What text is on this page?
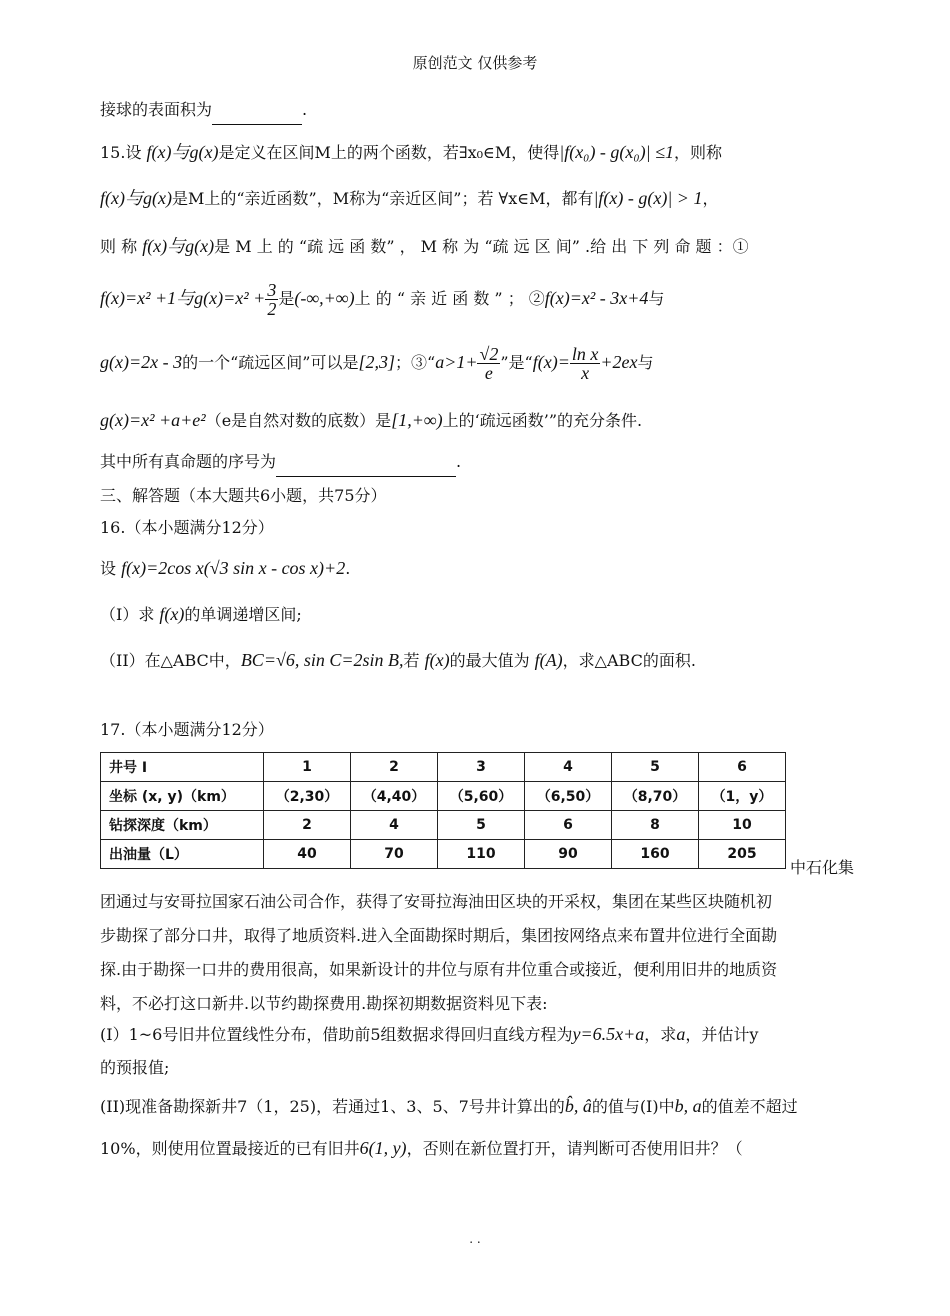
原创范文 仅供参考
接球的表面积为	.
15.设 f(x)与g(x)是定义在区间M上的两个函数，若∃x₀∈M，使得|f(x₀) - g(x₀)| ≤1，则称
f(x)与g(x)是M上的“亲近函数”，M称为“亲近区间”；若 ∀x∈M，都有|f(x) - g(x)| > 1，
则 称 f(x)与g(x)是 M 上 的 “疏 远 函 数” ， M 称 为 “疏 远 区 间” .给 出 下 列 命 题 ：①
f(x)=x² +1与$g(x)=x^2 + \frac{3}{2}$ 是(-∞,+∞)上 的 “ 亲 近 函 数 ” ； ②f(x)=x² - 3x+4与
g(x)=2x - 3的一个“疏远区间”可以是[2,3]；③“a>1+ $\frac{√2}{e}$ ”是“$f(x)= \frac{\text{ln x}}{x} +2ex$与
g(x)=x² +a+e²（e是自然对数的底数）是[1,+∞)上的‘疏远函数’”的充分条件.
其中所有真命题的序号为	.
三、解答题（本大题共6小题，共75分）
16.（本小题满分12分）
设 f(x)=2cos x(√3 sin x - cos x)+2.
（I）求 f(x)的单调递增区间;
（II）在△ABC中，BC=√6, sin C=2sin B,若 f(x)的最大值为 f(A)，求△ABC的面积.
17.（本小题满分12分）
井号 I	1	2	3	4	5	6
坐标 (x, y)（km）	（2,30）	（4,40）	（5,60）	（6,50）	（8,70）	（1，y）
钻探深度（km）	2	4	5	6	8	10
出油量（L）	40	70	110	90	160	205
中石化集
团通过与安哥拉国家石油公司合作，获得了安哥拉海油田区块的开采权，集团在某些区块随机初
步勘探了部分口井，取得了地质资料.进入全面勘探时期后，集团按网络点来布置井位进行全面勘
探.由于勘探一口井的费用很高，如果新设计的井位与原有井位重合或接近，便利用旧井的地质资
料，不必打这口新井.以节约勘探费用.勘探初期数据资料见下表:
(I）1~6号旧井位置线性分布，借助前5组数据求得回归直线方程为y=6.5x+a，求a，并估计y
的预报值;
(II)现准备勘探新井7（1，25)，若通过1、3、5、7号井计算出的b̂, â的值与(I)中b, a的值差不超过
10%，则使用位置最接近的已有旧井6(1, y)，否则在新位置打开，请判断可否使用旧井？（
. .
